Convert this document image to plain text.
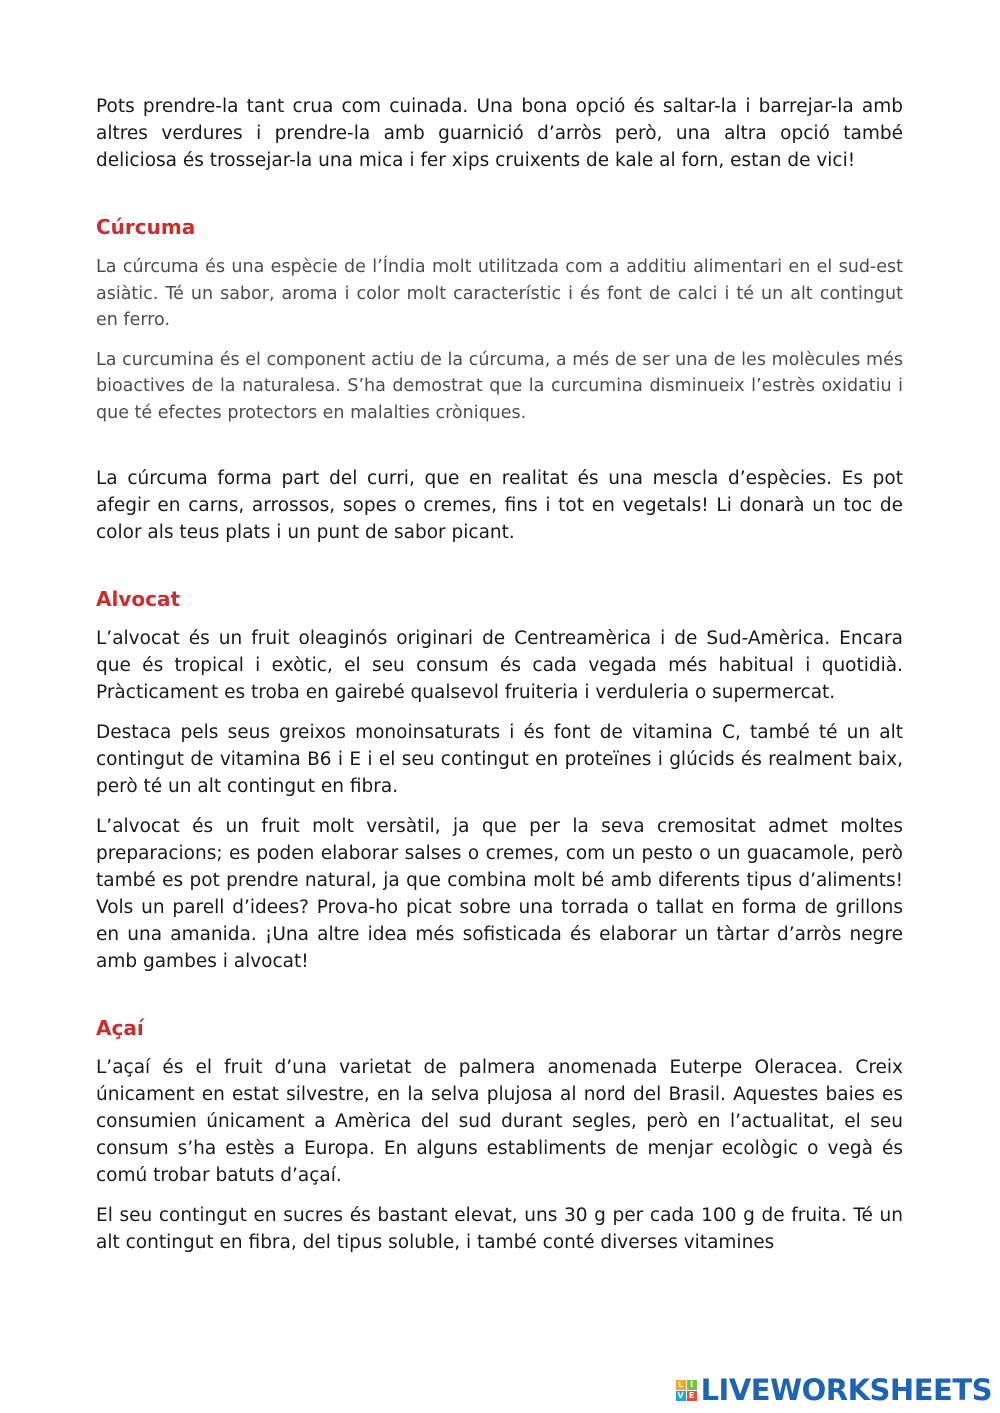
Pots prendre-la tant crua com cuinada. Una bona opció és saltar-la i barrejar-la amb altres verdures i prendre-la amb guarnició d’arròs però, una altra opció també deliciosa és trossejar-la una mica i fer xips cruixents de kale al forn, estan de vici!

Cúrcuma

La cúrcuma és una espècie de l’Índia molt utilitzada com a additiu alimentari en el sud-est asiàtic. Té un sabor, aroma i color molt característic i és font de calci i té un alt contingut en ferro.

La curcumina és el component actiu de la cúrcuma, a més de ser una de les molècules més bioactives de la naturalesa. S’ha demostrat que la curcumina disminueix l’estrès oxidatiu i que té efectes protectors en malalties cròniques.

La cúrcuma forma part del curri, que en realitat és una mescla d’espècies. Es pot afegir en carns, arrossos, sopes o cremes, fins i tot en vegetals! Li donarà un toc de color als teus plats i un punt de sabor picant.

Alvocat

L’alvocat és un fruit oleaginós originari de Centreamèrica i de Sud-Amèrica. Encara que és tropical i exòtic, el seu consum és cada vegada més habitual i quotidià. Pràcticament es troba en gairebé qualsevol fruiteria i verduleria o supermercat.

Destaca pels seus greixos monoinsaturats i és font de vitamina C, també té un alt contingut de vitamina B6 i E i el seu contingut en proteïnes i glúcids és realment baix, però té un alt contingut en fibra.

L’alvocat és un fruit molt versàtil, ja que per la seva cremositat admet moltes preparacions; es poden elaborar salses o cremes, com un pesto o un guacamole, però també es pot prendre natural, ja que combina molt bé amb diferents tipus d’aliments! Vols un parell d’idees? Prova-ho picat sobre una torrada o tallat en forma de grillons en una amanida. ¡Una altre idea més sofisticada és elaborar un tàrtar d’arròs negre amb gambes i alvocat!

Açaí

L’açaí és el fruit d’una varietat de palmera anomenada Euterpe Oleracea. Creix únicament en estat silvestre, en la selva plujosa al nord del Brasil. Aquestes baies es consumien únicament a Amèrica del sud durant segles, però en l’actualitat, el seu consum s’ha estès a Europa. En alguns establiments de menjar ecològic o vegà és comú trobar batuts d’açaí.

El seu contingut en sucres és bastant elevat, uns 30 g per cada 100 g de fruita. Té un alt contingut en fibra, del tipus soluble, i també conté diverses vitamines

L I
V E LIVEWORKSHEETS
